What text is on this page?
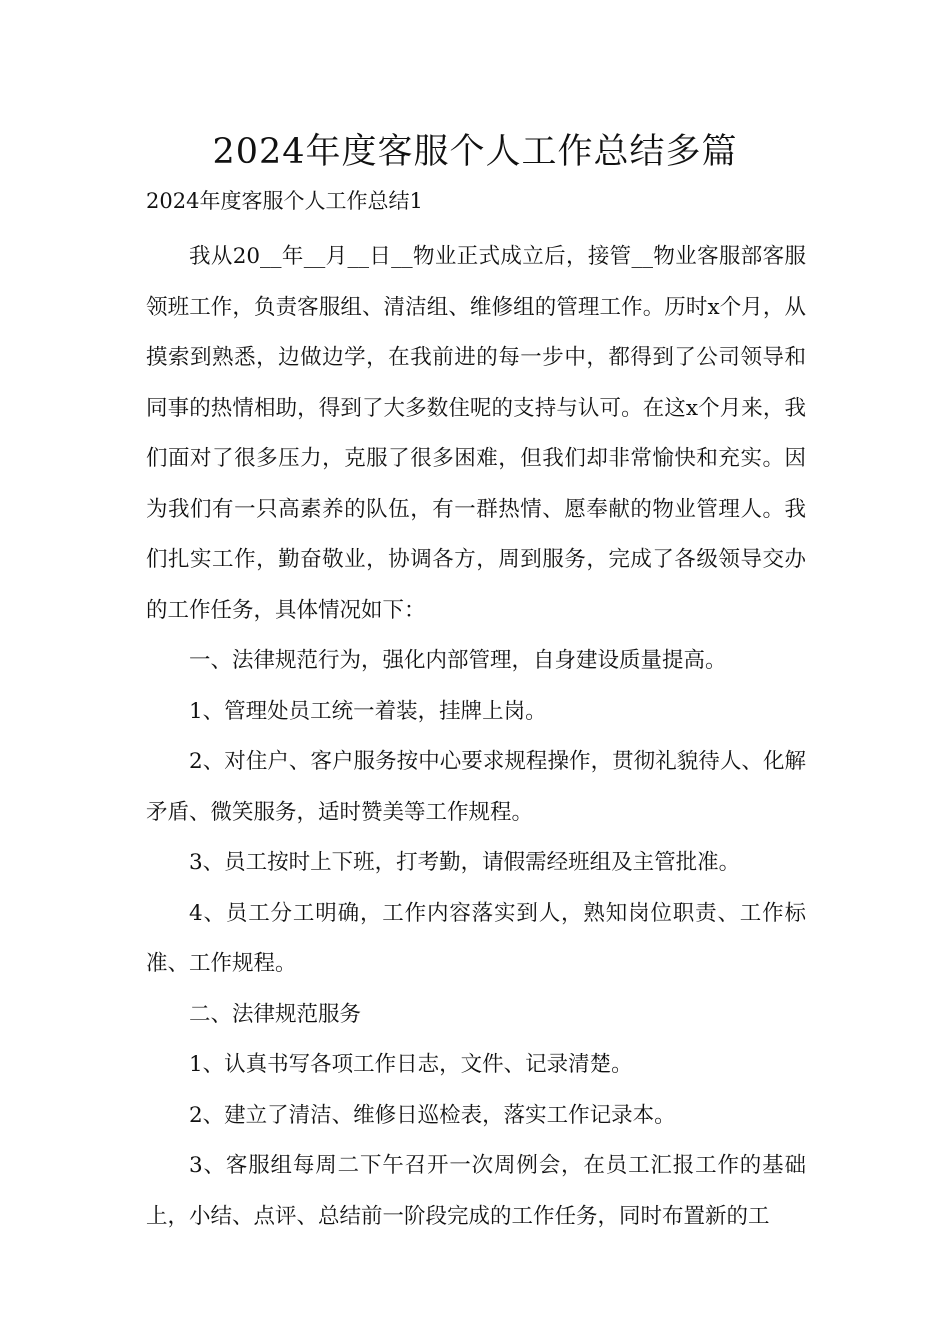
2024年度客服个人工作总结多篇

2024年度客服个人工作总结1

我从20__年__月__日__物业正式成立后，接管__物业客服部客服领班工作，负责客服组、清洁组、维修组的管理工作。历时x个月，从摸索到熟悉，边做边学，在我前进的每一步中，都得到了公司领导和同事的热情相助，得到了大多数住呢的支持与认可。在这x个月来，我们面对了很多压力，克服了很多困难，但我们却非常愉快和充实。因为我们有一只高素养的队伍，有一群热情、愿奉献的物业管理人。我们扎实工作，勤奋敬业，协调各方，周到服务，完成了各级领导交办的工作任务，具体情况如下：

一、法律规范行为，强化内部管理，自身建设质量提高。

1、管理处员工统一着装，挂牌上岗。

2、对住户、客户服务按中心要求规程操作，贯彻礼貌待人、化解矛盾、微笑服务，适时赞美等工作规程。

3、员工按时上下班，打考勤，请假需经班组及主管批准。

4、员工分工明确，工作内容落实到人，熟知岗位职责、工作标准、工作规程。

二、法律规范服务

1、认真书写各项工作日志，文件、记录清楚。

2、建立了清洁、维修日巡检表，落实工作记录本。

3、客服组每周二下午召开一次周例会，在员工汇报工作的基础上，小结、点评、总结前一阶段完成的工作任务，同时布置新的工
